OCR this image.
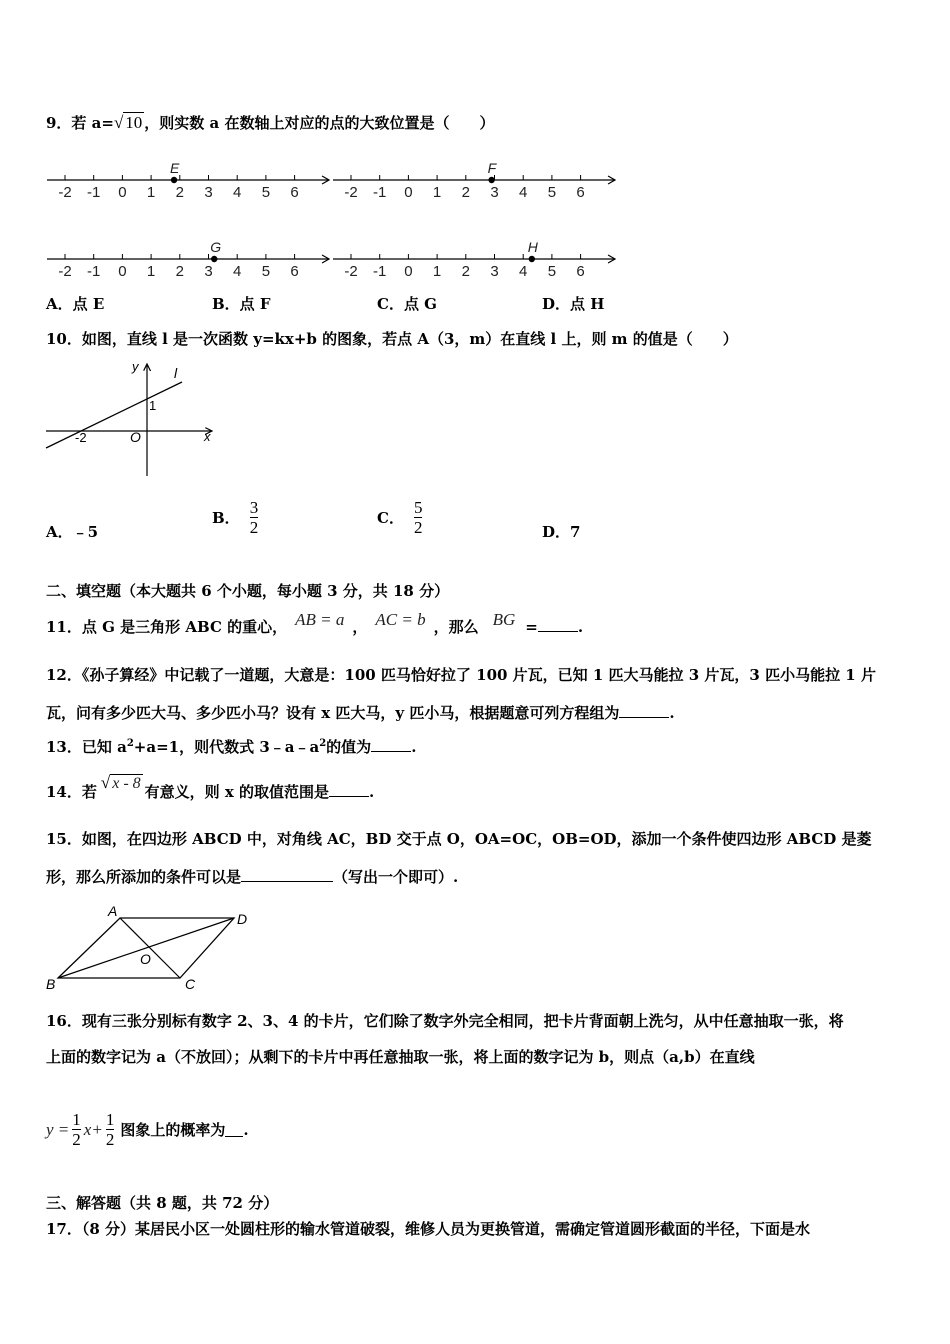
9．若 a=√ 10 ，则实数 a 在数轴上对应的点的大致位置是（　　）
-2 -1 0 1 2 3 4 5 6
E
-2 -1 0 1 2 3 4 5 6
F
-2 -1 0 1 2 3 4 5 6
G
-2 -1 0 1 2 3 4 5 6
H
A．点 E	B．点 F	C．点 G	D．点 H
10．如图，直线 l 是一次函数 y=kx+b 的图象，若点 A（3，m）在直线 l 上，则 m 的值是（　　）
y
x
l
O
-2
1
A．﹣5
B． $\frac{3}{2}$	C． $\frac{5}{2}$	D．7
二、填空题（本大题共 6 个小题，每小题 3 分，共 18 分）
11．点 G 是三角形 ABC 的重心， AB = a ， AC = b ，那么 BG =	.
12．《孙子算经》中记载了一道题，大意是：100 匹马恰好拉了 100 片瓦，已知 1 匹大马能拉 3 片瓦，3 匹小马能拉 1 片
瓦，问有多少匹大马、多少匹小马？设有 x 匹大马，y 匹小马，根据题意可列方程组为	.
13．已知 $a^2+a=1$，则代数式 $3﹣a﹣a^2$的值为	.
14．若 √ x - 8 有意义，则 x 的取值范围是	.
15．如图，在四边形 ABCD 中，对角线 AC，BD 交于点 O，OA=OC，OB=OD，添加一个条件使四边形 ABCD 是菱
形，那么所添加的条件可以是	（写出一个即可）.
A	D
B	C
O
16．现有三张分别标有数字 2、3、4 的卡片，它们除了数字外完全相同，把卡片背面朝上洗匀，从中任意抽取一张，将
上面的数字记为 a（不放回）；从剩下的卡片中再任意抽取一张，将上面的数字记为 b，则点（a,b）在直线
$y = \frac{1}{2} x+ \frac{1}{2}$ 图象上的概率为 .
三、解答题（共 8 题，共 72 分）
17．（8 分）某居民小区一处圆柱形的输水管道破裂，维修人员为更换管道，需确定管道圆形截面的半径，下面是水
